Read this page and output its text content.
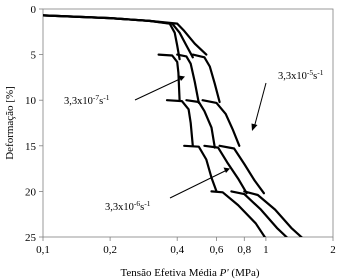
0
5
10
15
20
25
0,1	0,2	0,4 0,6 0,8 1	2
Deformação [%]
Tensão Efetiva Média P' (MPa)
$3,3x10^{-5}s^{-1}$
$3,3x10^{-7}s^{-1}$
$3,3x10^{-6}s^{-1}$
